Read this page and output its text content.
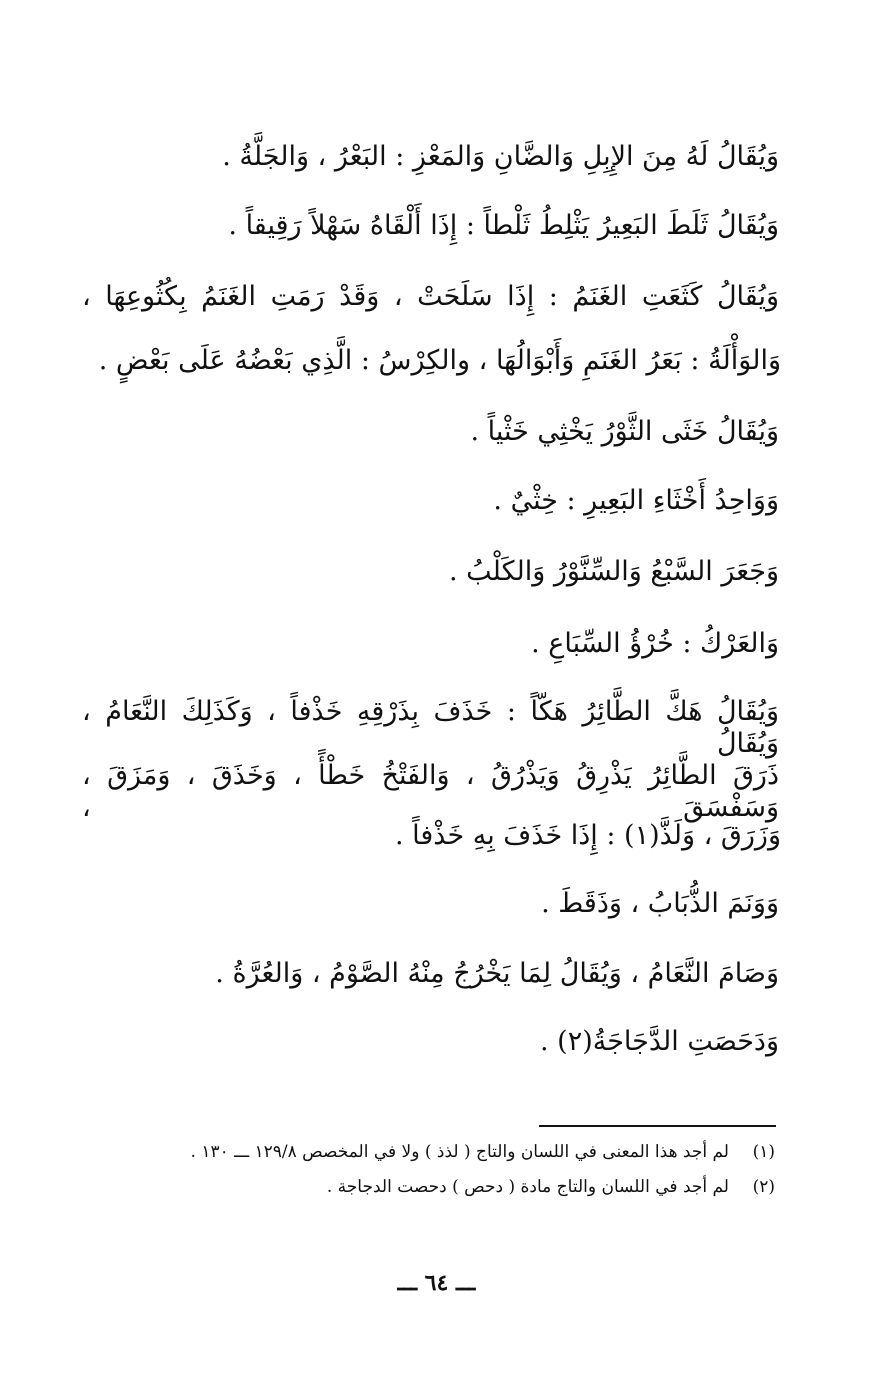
وَيُقَالُ لَهُ مِنَ الإِبِلِ وَالضَّانِ وَالمَعْزِ : البَعْرُ ، وَالجَلَّةُ .
وَيُقَالُ ثَلَطَ البَعِيرُ يَثْلِطُ ثَلْطاً : إِذَا أَلْقَاهُ سَهْلاً رَقِيقاً .
وَيُقَالُ كَثَعَتِ الغَنَمُ : إِذَا سَلَحَتْ ، وَقَدْ رَمَتِ الغَنَمُ بِكُثُوعِهَا ،
وَالوَأْلَةُ : بَعَرُ الغَنَمِ وَأَبْوَالُهَا ، والكِرْسُ : الَّذِي بَعْضُهُ عَلَى بَعْضٍ .
وَيُقَالُ خَثَى الثَّوْرُ يَخْثِي خَثْياً .
وَوَاحِدُ أَخْثَاءِ البَعِيرِ : خِثْيٌ .
وَجَعَرَ السَّبْعُ وَالسِّنَّوْرُ وَالكَلْبُ .
وَالعَرْكُ : خُرْؤُ السِّبَاعِ .
وَيُقَالُ هَكَّ الطَّائِرُ هَكّاً : خَذَفَ بِذَرْقِهِ خَذْفاً ، وَكَذَلِكَ النَّعَامُ ، وَيُقَالُ
ذَرَقَ الطَّائِرُ يَذْرِقُ وَيَذْرُقُ ، وَالفَتْخُ خَطْأً ، وَخَذَقَ ، وَمَزَقَ ، وَسَفْسَقَ ،
وَزَرَقَ ، وَلَذَّ(١) : إِذَا خَذَفَ بِهِ خَذْفاً .
وَوَنَمَ الذُّبَابُ ، وَذَقَطَ .
وَصَامَ النَّعَامُ ، وَيُقَالُ لِمَا يَخْرُجُ مِنْهُ الصَّوْمُ ، وَالعُرَّةُ .
وَدَحَصَتِ الدَّجَاجَةُ(٢) .
(١)لم أجد هذا المعنى في اللسان والتاج ( لذذ ) ولا في المخصص ١٢٩/٨ ـــ ١٣٠ .
(٢)لم أجد في اللسان والتاج مادة ( دحص ) دحصت الدجاجة .
ـــ ٦٤ ـــ
